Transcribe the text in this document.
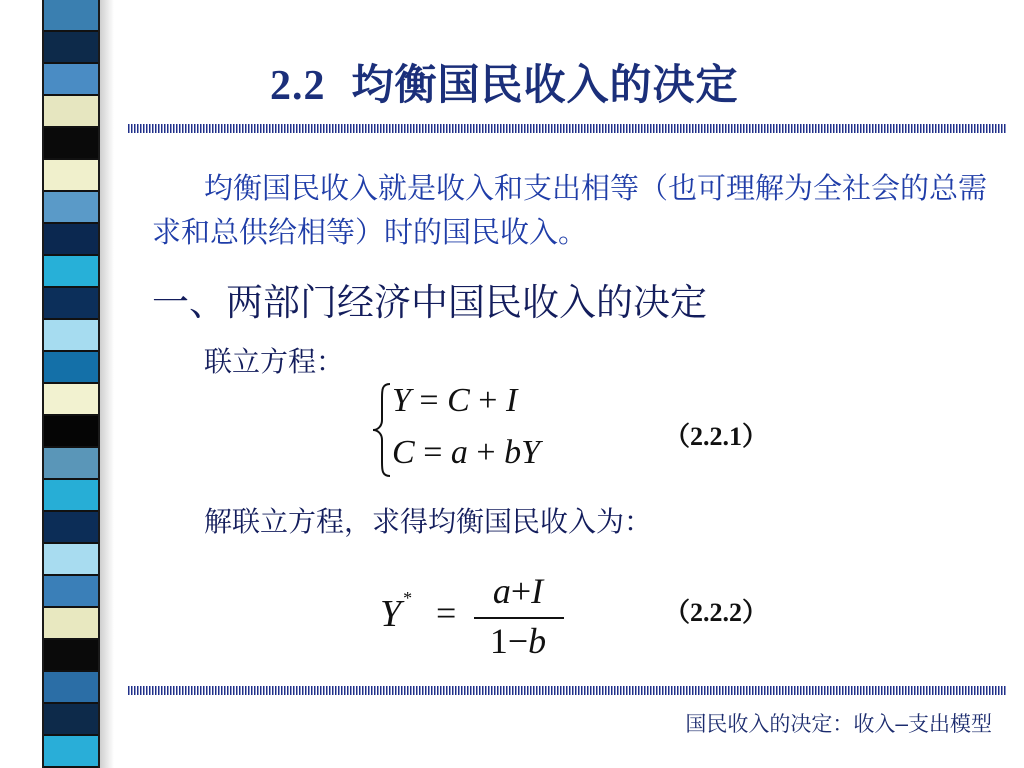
2.2 均衡国民收入的决定
均衡国民收入就是收入和支出相等（也可理解为全社会的总需求和总供给相等）时的国民收入。
一、两部门经济中国民收入的决定
联立方程：
Y = C + I
C = a + bY	（2.2.1）
解联立方程，求得均衡国民收入为：
Y * =
a+I
1−b
（2.2.2）
国民收入的决定：收入—支出模型
